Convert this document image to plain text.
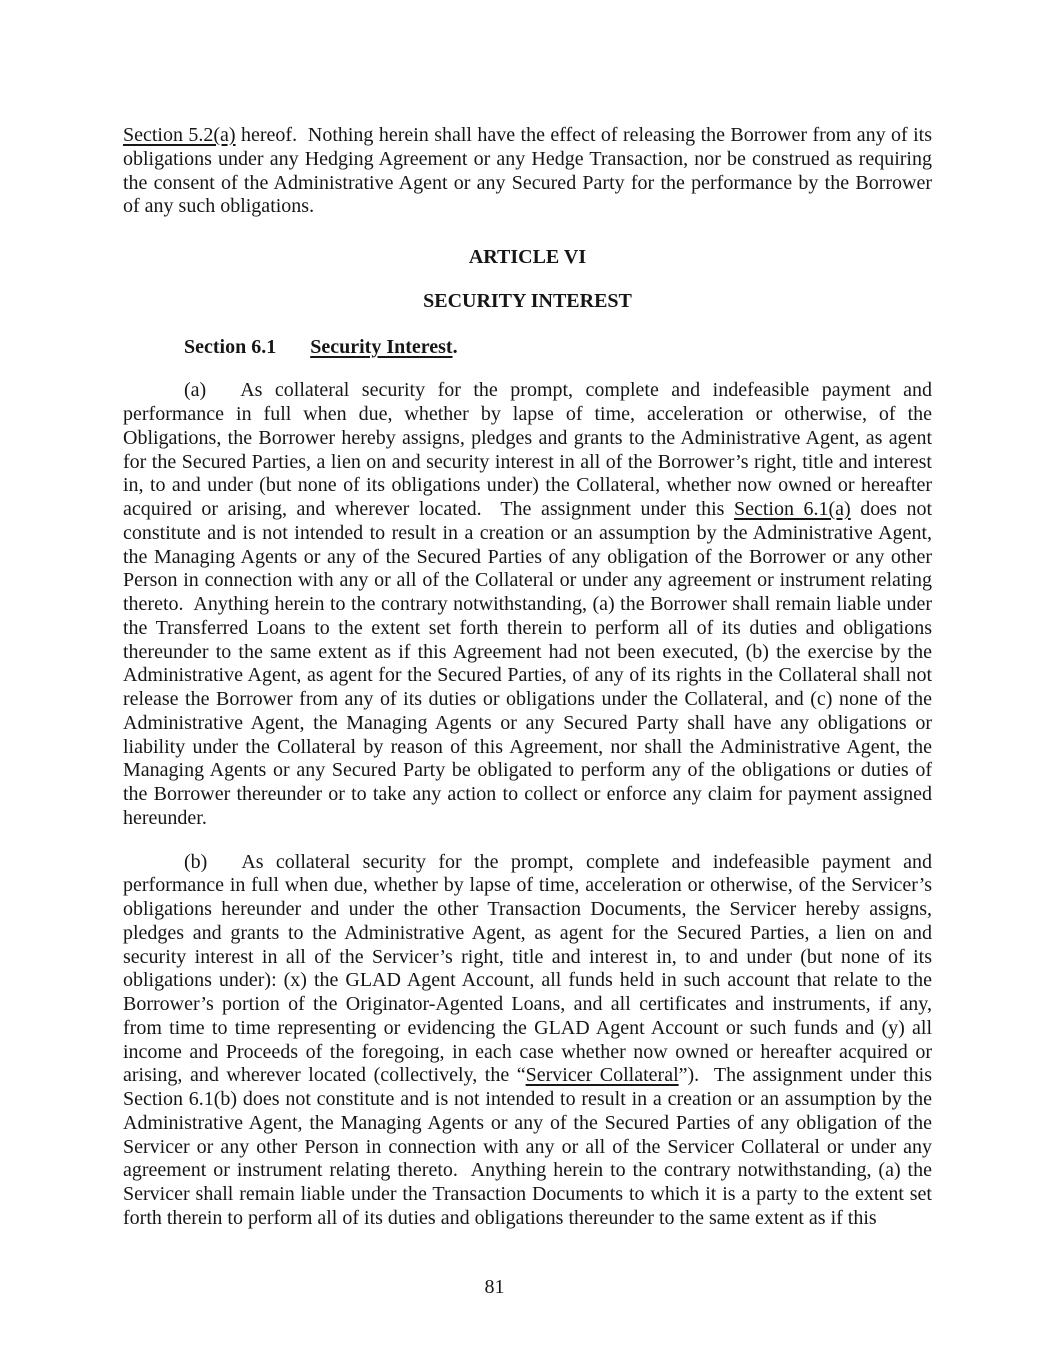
Section 5.2(a) hereof.  Nothing herein shall have the effect of releasing the Borrower from any of its obligations under any Hedging Agreement or any Hedge Transaction, nor be construed as requiring the consent of the Administrative Agent or any Secured Party for the performance by the Borrower of any such obligations.

ARTICLE VI

SECURITY INTEREST

Section 6.1 Security Interest.

(a) As collateral security for the prompt, complete and indefeasible payment and performance in full when due, whether by lapse of time, acceleration or otherwise, of the Obligations, the Borrower hereby assigns, pledges and grants to the Administrative Agent, as agent for the Secured Parties, a lien on and security interest in all of the Borrower’s right, title and interest in, to and under (but none of its obligations under) the Collateral, whether now owned or hereafter acquired or arising, and wherever located.  The assignment under this Section 6.1(a) does not constitute and is not intended to result in a creation or an assumption by the Administrative Agent, the Managing Agents or any of the Secured Parties of any obligation of the Borrower or any other Person in connection with any or all of the Collateral or under any agreement or instrument relating thereto.  Anything herein to the contrary notwithstanding, (a) the Borrower shall remain liable under the Transferred Loans to the extent set forth therein to perform all of its duties and obligations thereunder to the same extent as if this Agreement had not been executed, (b) the exercise by the Administrative Agent, as agent for the Secured Parties, of any of its rights in the Collateral shall not release the Borrower from any of its duties or obligations under the Collateral, and (c) none of the Administrative Agent, the Managing Agents or any Secured Party shall have any obligations or liability under the Collateral by reason of this Agreement, nor shall the Administrative Agent, the Managing Agents or any Secured Party be obligated to perform any of the obligations or duties of the Borrower thereunder or to take any action to collect or enforce any claim for payment assigned hereunder.

(b) As collateral security for the prompt, complete and indefeasible payment and performance in full when due, whether by lapse of time, acceleration or otherwise, of the Servicer’s obligations hereunder and under the other Transaction Documents, the Servicer hereby assigns, pledges and grants to the Administrative Agent, as agent for the Secured Parties, a lien on and security interest in all of the Servicer’s right, title and interest in, to and under (but none of its obligations under): (x) the GLAD Agent Account, all funds held in such account that relate to the Borrower’s portion of the Originator-Agented Loans, and all certificates and instruments, if any, from time to time representing or evidencing the GLAD Agent Account or such funds and (y) all income and Proceeds of the foregoing, in each case whether now owned or hereafter acquired or arising, and wherever located (collectively, the “Servicer Collateral”).  The assignment under this Section 6.1(b) does not constitute and is not intended to result in a creation or an assumption by the Administrative Agent, the Managing Agents or any of the Secured Parties of any obligation of the Servicer or any other Person in connection with any or all of the Servicer Collateral or under any agreement or instrument relating thereto.  Anything herein to the contrary notwithstanding, (a) the Servicer shall remain liable under the Transaction Documents to which it is a party to the extent set forth therein to perform all of its duties and obligations thereunder to the same extent as if this

81
